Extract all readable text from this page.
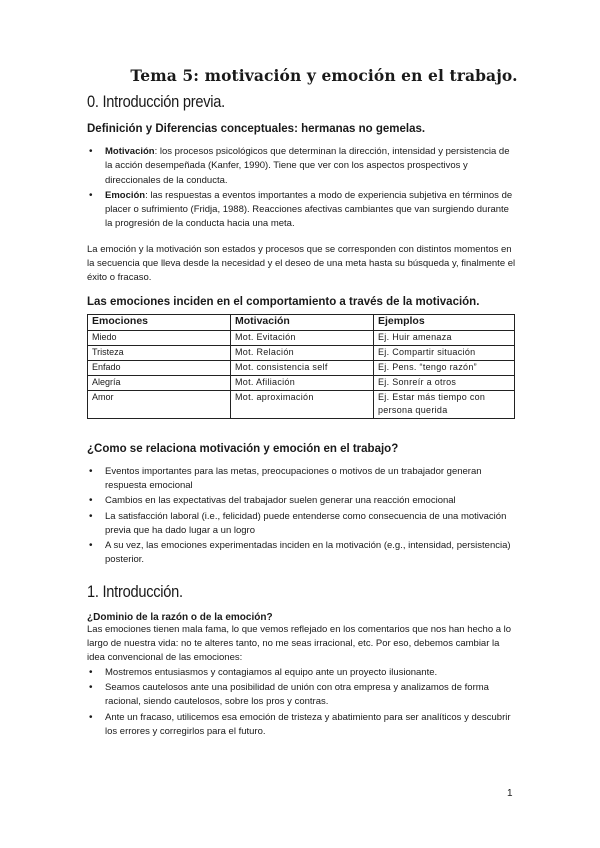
Tema 5: motivación y emoción en el trabajo.
0. Introducción previa.
Definición y Diferencias conceptuales: hermanas no gemelas.
• Motivación: los procesos psicológicos que determinan la dirección, intensidad y persistencia de la acción desempeñada (Kanfer, 1990). Tiene que ver con los aspectos prospectivos y direccionales de la conducta.
• Emoción: las respuestas a eventos importantes a modo de experiencia subjetiva en términos de placer o sufrimiento (Fridja, 1988). Reacciones afectivas cambiantes que van surgiendo durante la progresión de la conducta hacia una meta.

La emoción y la motivación son estados y procesos que se corresponden con distintos momentos en la secuencia que lleva desde la necesidad y el deseo de una meta hasta su búsqueda y, finalmente el éxito o fracaso.

Las emociones inciden en el comportamiento a través de la motivación.
Emociones	Motivación	Ejemplos
Miedo	Mot. Evitación	Ej. Huir amenaza
Tristeza	Mot. Relación	Ej. Compartir situación
Enfado	Mot. consistencia self	Ej. Pens. “tengo razón”
Alegría	Mot. Afiliación	Ej. Sonreír a otros
Amor	Mot. aproximación	Ej. Estar más tiempo con persona querida
¿Como se relaciona motivación y emoción en el trabajo?
• Eventos importantes para las metas, preocupaciones o motivos de un trabajador generan respuesta emocional
• Cambios en las expectativas del trabajador suelen generar una reacción emocional
• La satisfacción laboral (i.e., felicidad) puede entenderse como consecuencia de una motivación previa que ha dado lugar a un logro
• A su vez, las emociones experimentadas inciden en la motivación (e.g., intensidad, persistencia) posterior.
1. Introducción.
¿Dominio de la razón o de la emoción?

Las emociones tienen mala fama, lo que vemos reflejado en los comentarios que nos han hecho a lo largo de nuestra vida: no te alteres tanto, no me seas irracional, etc. Por eso, debemos cambiar la idea convencional de las emociones:

• Mostremos entusiasmos y contagiamos al equipo ante un proyecto ilusionante.
• Seamos cautelosos ante una posibilidad de unión con otra empresa y analizamos de forma racional, siendo cautelosos, sobre los pros y contras.
• Ante un fracaso, utilicemos esa emoción de tristeza y abatimiento para ser analíticos y descubrir los errores y corregirlos para el futuro.
1
